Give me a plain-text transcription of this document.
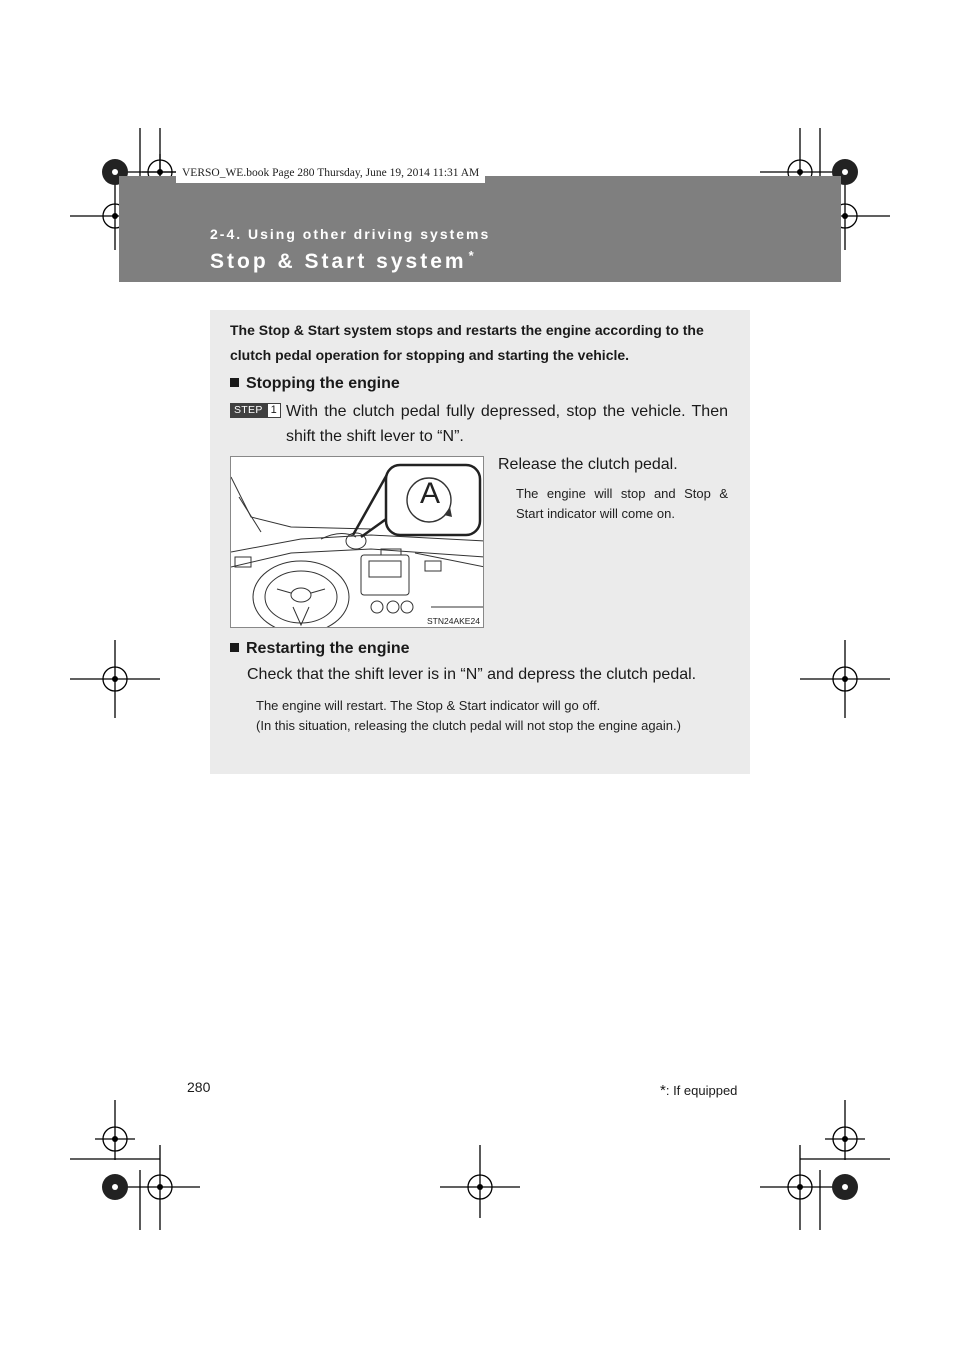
VERSO_WE.book Page 280 Thursday, June 19, 2014 11:31 AM
2-4. Using other driving systems
Stop & Start system *
The Stop & Start system stops and restarts the engine according to the clutch pedal operation for stopping and starting the vehicle.
Stopping the engine
STEP 1 With the clutch pedal fully depressed, stop the vehicle. Then shift the shift lever to “N”.
A
STN24AKE24
Release the clutch pedal.
The engine will stop and Stop & Start indicator will come on.
Restarting the engine
Check that the shift lever is in “N” and depress the clutch pedal.
The engine will restart. The Stop & Start indicator will go off.
(In this situation, releasing the clutch pedal will not stop the engine again.)
280	*: If equipped
